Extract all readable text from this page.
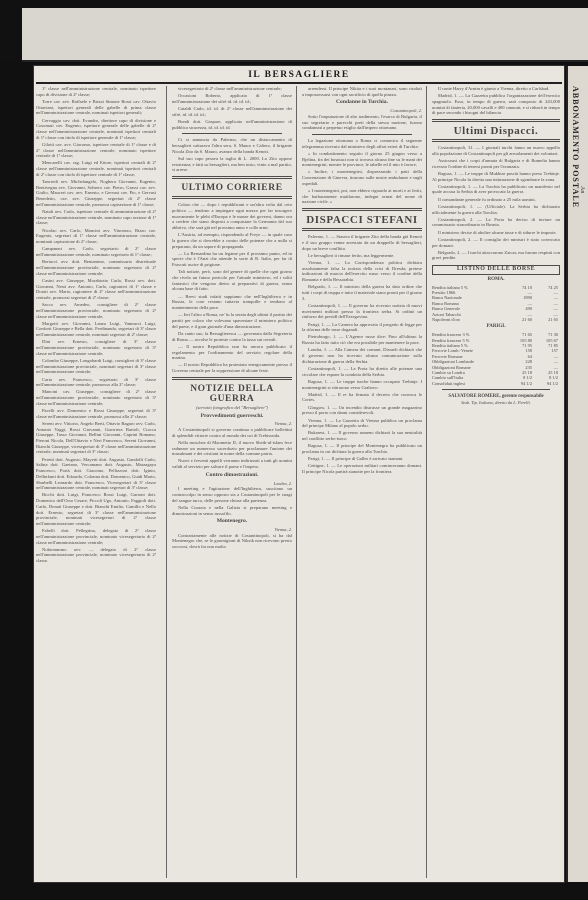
IL BERSAGLIERE

1ª classe nell'amministrazione centrale, nominato ispettore capo di divisione di 2ª classe;

Torre cav. avv. Raffaele e Brizzi Simone Rossi cav. Ottavio Ottaviani, ispettori generali delle gabelle di prima classe nell'amministrazione centrale, nominati ispettori generali;

Cervaggio cav. dott. Evandro, direttore capo di divisione e Cosomati cav. Eugenio, ispettore generale delle gabelle di 2ª classe nell'amministrazione centrale, nominati ispettori centrali di 1ª classe con titolo di ispettore generale di 1ª classe;

Gilotti cav. avv. Giacomo, ispettore centrale di 1ª classe e di 2ª classe nell'amministrazione centrale, nominato ispettore centrale di 1ª classe;

Mencarelli cav. rag. Luigi ed Ettore, ispettori centrali di 2ª classe nell'amministrazione centrale, nominati ispettori centrali di 2ª classe con titolo di ispettore centrale di 1ª classe;

Tancredi avv. Michelangelo, Noghera Giovanni, Eugenio, Bentivegna avv. Giovanni, Sobrero cav. Pietro, Grassi cav. avv. Giulio, Mauceri cav. avv. Ernesto, e Gervasi cav. Pio, e Gervasi Benedetto, cav. avv. Giuseppe, segretari di 2ª classe nell'amministrazione centrale, promossi capisezione di 1ª classe;

Natali avv. Carlo, ispettore centrale di amministrazione di 2ª classe nell'amministrazione centrale, nominato capo sezione di 1ª classe;

Nicolao avv. Carlo, Mancini avv. Vincenzo, Rizzo cav. Eugenio, segretari di 1ª classe nell'amministrazione centrale, nominati capisezione di 2ª classe;

Campanari avv. Carlo, segretario di 2ª classe nell'amministrazione centrale, nominato segretario di 1ª classe;

Bertucci avv. dott. Beniamino, commissario distrettuale nell'amministrazione provinciale, nominato segretario di 2ª classe nell'amministrazione centrale;

Casini avv. Giuseppe, Morabiotto Carlo, Rossi avv. dott. Giovanni, Nesti avv. Antonio, Carlo, ragionieri di 1ª classe e Dorati avv. Mario, ragioniere di 2ª classe nell'amministrazione centrale, promossi segretari di 2ª classe;

Sacco avv. Amedeo, consigliere di 2ª classe nell'amministrazione provinciale, nominato segretario di 2ª classe nell'amministrazione centrale;

Margotti avv. Giovanni, Lanza Luigi, Vannucci Luigi, Conforti Giuseppe e Bella dott. Ferdinando, segretari di 3ª classe nell'amministrazione centrale, nominati segretari di 2ª classe;

Dini avv. Ernesto, consigliere di 3ª classe nell'amministrazione provinciale, nominato segretario di 3ª classe nell'amministrazione centrale;

Colombo Giuseppe, Longobardi Luigi, consiglieri di 3ª classe nell'amministrazione provinciale, nominati segretari di 3ª classe nell'amministrazione centrale;

Carta avv. Francesco, segretario di 3ª classe nell'amministrazione centrale, promosso alla 2ª classe;

Mancini cav. Giuseppe, consigliere di 2ª classe nell'amministrazione provinciale, nominato segretario di 3ª classe nell'amministrazione centrale;

Pacelli avv. Domenico e Rossi Giuseppe, segretari di 3ª classe nell'amministrazione centrale, promossi alla 2ª classe;

Sereni avv. Vittorio, Angelo Berti, Ottavio Bagaro avv. Carlo, Antonio Vaggi, Rossi Giovanni, Guerriera Bartoli, Ciocca Giuseppe, Tasso Giovanni, Bellini Giovanni, Caprini Romano, Pieroni Nicola, Dell'Ottavio e Neri Francesco, Sereni Giovanni, Bianchi Giuseppe, vicesegretari di 3ª classe nell'amministrazione centrale, nominati segretari di 3ª classe;

Peretti dott. Augusto, Mayerit dott. Augusto, Gandolfi Carlo, Salina dott. Gaetano, Vercamano dott. Augusto, Marzagaya Francesco, Portà dott. Giacomo, Pellizzoni dott. Iginio, Dellinfanti dott. Edoardo, Colonna dott. Domenico, Guidi Mario, Sbarbelli Leonardo dott. Francesco, Vicesegretari di 3ª classe nell'amministrazione centrale, nominati segretari di 3ª classe;

Bicchi dott. Luigi, Francesco Rossi Luigi, Gurtoni dott. Domenico dell'Orso Cesare, Piccoli Ugo, Antonio, Faggioli dott. Carlo, Donati Giuseppe e dott. Bianchi Emilio, Camillo e Nello dott. Ernesto, segretari di 3ª classe nell'amministrazione provinciale, nominati vicesegretari di 2ª classe nell'amministrazione centrale;

Fabelli dott. Pellegrino, delegato di 2ª classe nell'amministrazione provinciale, nominato vicesegretario di 2ª classe nell'amministrazione centrale;

Nobiommmo avv. ..., delegato di 2ª classe nell'amministrazione provinciale, nominato vicesegretario di 2ª classe.

vicesegretario di 2ª classe nell'amministrazione centrale;

Occasioni Roberto, applicato di 1ª classe nell'amministrazione dei sifrè id. id. id. id.;

Cataldi Carlo, id. id. di 2ª classe nell'amministrazione dei sifrè, id. id. id. id.;

Bondi dott. Gaspare, applicato nell'amministrazione di pubblica sicurezza, id. id. id. id.

Ci si annuncia da Palermo, che un distaccamento di bersaglieri catturava l'altra sera, S. Mauro e Caliero, il brigante Nicola Zito da S. Mauro, avanzo della banda Kenoti.

Sul suo capo pesava la taglia di L. 2000. Lo Zito oppose resistenza; e fatti su bersaglieri, ma ben tosto, vinto a mal partito, si arrese.

ULTIMO CORRIERE

Colaro che — dopo i repubblicani e un'altra volta dal ceto politico — tendono a impiegare ogni mezzo per far insorgere nuovamente le plebi d'Europa e le masse dei governi, danno ora a credere che siano disposti a conquistare la Germania dal suo abbrivo, che sarà già nel prossimo anno e colle armi.

L'Austria, ad esempio, rispondendo al Freye — in quale caso la guerra che si dovrebbe a contro delle potenze che a nulla si preparano, da un sapore di propaganda.

— La Bernardina ha un legame per il prossimo punto, ed in specie che è l'Anzi che attende la sorte di R. Italia, per far di Frascati uscire di prigione.

Tali notizie, però, sono del genere di quelle che ogni giorno che rivela un futuro pericolo per l'attuale ministero, ed i soliti fantastici che vengono dietro ai preparativi di guerra, senza alcuna base di fatto.

— Brevi studi infatti sappiamo che nell'Inghilterra e in Russia, le cose restano tuttavia tranquille e tendono al mantenimento della pace.

— Ieri l'altro a Roma, ne' fu la serata degli ultimi il partito dei partiti per coloro che volevano spaventare il ministero politico del paese, e il gran giornale d'una dimostrazione.

Da canto suo, la Bersaglieresca — governata dalla Segreteria di Roma — accolse le proteste contro la tassa sui cereali.

— Il nostro Repubblica non ha ancora pubblicato il regolamento per l'ordinamento del servizio regolare della marina.

— Il nostro Repubblica ha protestato energicamente presso il Governo centrale per la soppressione di alcune feste.

NOTIZIE DELLA GUERRA
(servizio fotografico del "Bersagliere")
Provvedimenti guerreschi.
Vienna, 2.

A Costantinopoli si governo continua a pubblicare bollettini di splendidi vittorie contro al mondo dei cui di Trebisonda.

Nella moschea di Maometto II, il nuovo Sheik-ul-islam fece radunare un numeroso sacerdozio per proclamare l'unione dei musulmani e dei cristiani in nome della comune patria.

Nuovi e ferventi appelli verranno indirizzati a tutti gli uomini validi al servizio per salvare il paese e l'impero.

Contro dimostrazioni.
Londra, 2.

I meeting e l'agitazione dell'Inghilterra, suscitano un contraccolpo in senso opposto sia a Costantinopoli per le stragi del sangue turco, delle persone chiuse alla partenza.

Nella Croazia e nella Galizia si preparano meeting e dimostrazioni in senso russofilo.

Montenegro.
Vienna, 2.

Contrariamente alle notizie di Costantinopoli, si ha dal Montenegro che, se le guarnigioni di Niksik non ricevono presto soccorsi, dovrà fra non molto

arrendersi. Il principe Nikita e i suoi montanari, sono risoluti a impossessarsi con ogni sacrificio di quella piazza.

Condanne in Turchia.
Costantinopoli, 2.

Sotto l'imputazione di alto tradimento, l'esarca di Bulgaria, il suo segretario e parecchi preti della stessa nazione, furono condannati a perpetuo esiglio dall'impero ottomano.

La legazione ottomana a Roma ci comunica il seguente telegramma ricevuto dal ministero degli affari esteri di Turchia:

« In combattimento seguito il giorno 25 giugno verso a Bjelina, fra dei bosniaci non si trovava alcuna fine su le mani dei montenegrini, mentre le province, le tabelle ed il mio è favore,

« Inoltre, i montenegrini, disprezzando i patti della Convenzione di Ginevra, tirarono sulle nostre ambulanze e sugli ospedali.

« I montenegrini, poi, non ebbero riguardo ai morti e ai feriti, che barbaramente mutilarono, indegni ormai del nome di nazione civile. »

DISPACCI STEFANI

Palermo, 1. — Stasera il brigante Zito della banda già Kenoti e il suo gruppo venne arrestato da un drappello di bersaglieri, dopo un breve conflitto.

Le bersaglieri ti rimase ferito, ma leggermente.

Vienna, 1. — La Corrispondenza politica dichiara assolutamente falsa la notizia della crisi di Dresda; pretese indicazioni di marcia dell'esercito russo verso il confine della Romania e della Bessarabia.

Belgrado, 1. — Il ministro della guerra ha dato ordine che tutti i corpi di truppa e tutto il materiale siano pronti per il giorno 3.

Costantinopoli, 1. — Il governo ha ricevuto notizia di nuovi movimenti militari presso la frontiera serba. Si ordinò un rinforzo dei presidî dell'Erzegovina.

Parigi, 1. — La Camera ha approvato il progetto di legge per la riforma delle tasse doganali.

Pietroburgo, 1. — L'Agence russe dice: Fino all'ultimo la Russia ha fatto tutto ciò che era possibile per mantenere la pace.

Londra, 1. — Alla Camera dei comuni, Disraeli dichiarò che il governo non ha ricevuto alcuna comunicazione sulla dichiarazione di guerra della Serbia.

Costantinopoli, 1. — La Porta ha diretto alle potenze una circolare che espone la condotta della Serbia.

Ragusa, 1. — Le truppe turche hanno occupato Trebinje. I montenegrini si ritirarono verso Grahovo.

Madrid, 1. — Il re ha firmato il decreto che convoca le Cortes.

Glasgow, 1. — Un incendio distrusse un grande magazzino presso il porto con danni considerevoli.

Vienna, 1. — La Gazzetta di Vienna pubblica un proclama del principe Milano al popolo serbo.

Bukarest, 1. — Il governo rumeno dichiarò la sua neutralità nel conflitto serbo-turco.

Ragusa, 1. — Il principe del Montenegro ha pubblicato un proclama in cui dichiara la guerra alla Turchia.

Parigi, 1. — Il principe di Galles è arrivato stamani.

Cettigne, 1. — Le operazioni militari cominceranno domani. Il principe Nicola partirà stanotte per la frontiera.

Il conte Harry d'Arnim è giunto a Vienna, diretto a Carlsbad.

Madrid, 1. — La Gazzetta pubblica l'organizzazione dell'esercito spagnuolo. Esso, in tempo di guerra, sarà composto di 243,000 uomini di fanteria, 20,000 cavalli e 400 cannoni; e si ridurrà in tempo di pace secondo i bisogni del bilancio.

Ultimi Dispacci.

Costantinopoli, 31. — I giornali turchi fanno un nuovo appello alla popolazione di Costantinopoli per gli arruolamenti dei volontari.

Assicurasi che i corpi d'armata di Bulgaria e di Rumelia hanno ricevuto l'ordine di tenersi pronti per l'avanzata.

Ragusa, 1. — Le truppe di Mukhtar pascià hanno preso Trebinje. Al principe Nicola fu diretta una intimazione di sgombrare la zona.

Costantinopoli, 1. — La Turchia ha pubblicato un manifesto nel quale accusa la Serbia di aver provocato la guerra.

Il comandante generale fu ordinato a 25 mila uomini.

Costantinopoli, 1. — (Ufficiale). La Serbia ha dichiarato ufficialmente la guerra alla Turchia.

Costantinopoli, 2. — La Porta ha deciso di inviare un commissario straordinario in Bosnia.

Il ministero decise di abolire alcune tasse e di ridurre le imposte.

Costantinopoli, 2. — Il consiglio dei ministri è stato convocato per domani.

Belgrado, 2. — I turchi attaccarono Zaicar, ma furono respinti con gravi perdite.

LISTINO DELLE BORSE
ROMA.
Rendita italiana 5 %	74 10	74 25
Prestito 1866	—	—
Banca Nazionale	1890	—
Banca Romana	—	—
Banca Generale	490	—
Azioni Tabacchi	—	—
Napoleoni d'oro	21 60	21 65
PARIGI.
Rendita francese 3 %	71 65	71 30
Rendita francese 5 %	105 80	105 67
Rendita italiana 5 %	71 95	71 85
Ferrovie Lomb.-Venete	158	157
Ferrovie Romane	64	—
Obbligazioni Lombarde	228	—
Obbligazioni Romane	235	—
Cambio su Londra	25 18	25 18
Cambio sull'Italia	8 1/2	8 1/2
Consolidati inglesi	94 1/2	94 1/2
SALVATORE ROMERE, gerente responsabile
Stab. Tip. Italiano, diretto da L. Perelli.
ABBONAMENTO POSTALE An
